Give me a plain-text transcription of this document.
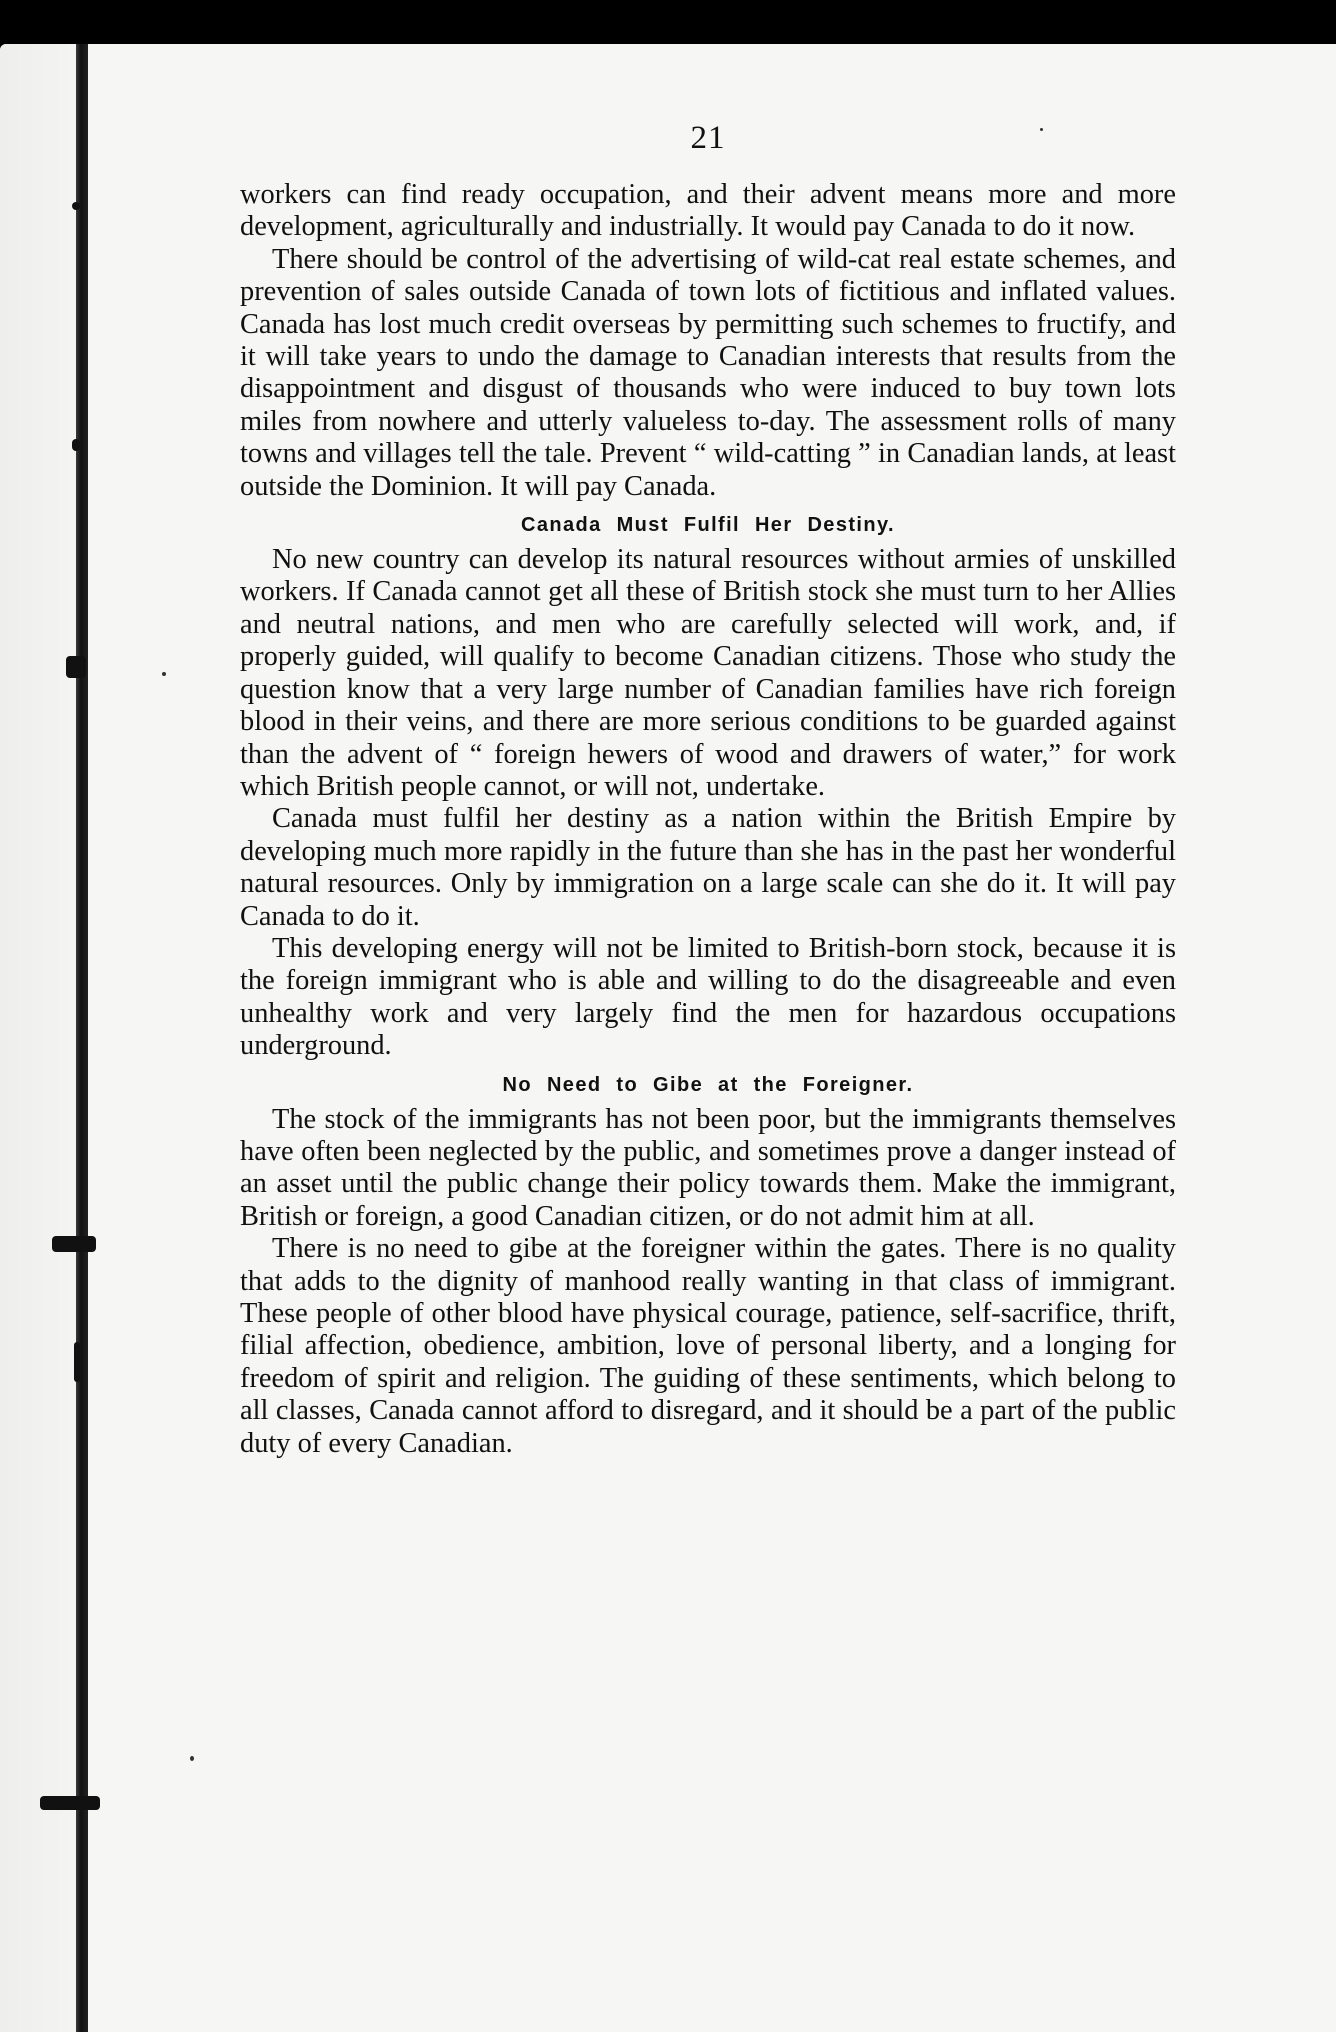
21

workers can find ready occupation, and their advent means more and more development, agriculturally and industrially. It would pay Canada to do it now.

There should be control of the advertising of wild-cat real estate schemes, and prevention of sales outside Canada of town lots of fictitious and inflated values. Canada has lost much credit overseas by permitting such schemes to fructify, and it will take years to undo the damage to Canadian interests that results from the disappointment and disgust of thousands who were induced to buy town lots miles from nowhere and utterly valueless to-day. The assessment rolls of many towns and villages tell the tale. Prevent “ wild-catting ” in Canadian lands, at least outside the Dominion. It will pay Canada.

Canada Must Fulfil Her Destiny.

No new country can develop its natural resources without armies of unskilled workers. If Canada cannot get all these of British stock she must turn to her Allies and neutral nations, and men who are carefully selected will work, and, if properly guided, will qualify to become Canadian citizens. Those who study the question know that a very large number of Canadian families have rich foreign blood in their veins, and there are more serious conditions to be guarded against than the advent of “ foreign hewers of wood and drawers of water,” for work which British people cannot, or will not, undertake.

Canada must fulfil her destiny as a nation within the British Empire by developing much more rapidly in the future than she has in the past her wonderful natural resources. Only by immigration on a large scale can she do it. It will pay Canada to do it.

This developing energy will not be limited to British-born stock, because it is the foreign immigrant who is able and willing to do the disagreeable and even unhealthy work and very largely find the men for hazardous occupations underground.

No Need to Gibe at the Foreigner.

The stock of the immigrants has not been poor, but the immigrants themselves have often been neglected by the public, and sometimes prove a danger instead of an asset until the public change their policy towards them. Make the immigrant, British or foreign, a good Canadian citizen, or do not admit him at all.

There is no need to gibe at the foreigner within the gates. There is no quality that adds to the dignity of manhood really wanting in that class of immigrant. These people of other blood have physical courage, patience, self-sacrifice, thrift, filial affection, obedience, ambition, love of personal liberty, and a longing for freedom of spirit and religion. The guiding of these sentiments, which belong to all classes, Canada cannot afford to disregard, and it should be a part of the public duty of every Canadian.
